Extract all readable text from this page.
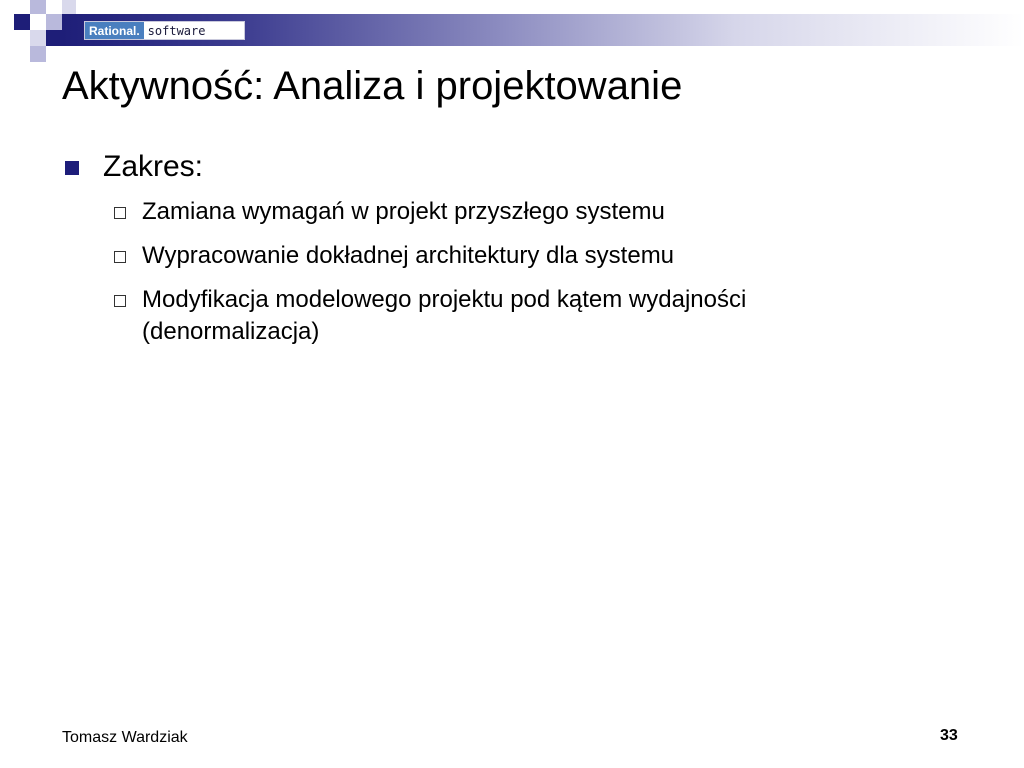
Rational. software
Aktywność: Analiza i projektowanie
Zakres:
Zamiana wymagań w projekt przyszłego systemu
Wypracowanie dokładnej architektury dla systemu
Modyfikacja modelowego projektu pod kątem wydajności (denormalizacja)
Tomasz Wardziak	33
